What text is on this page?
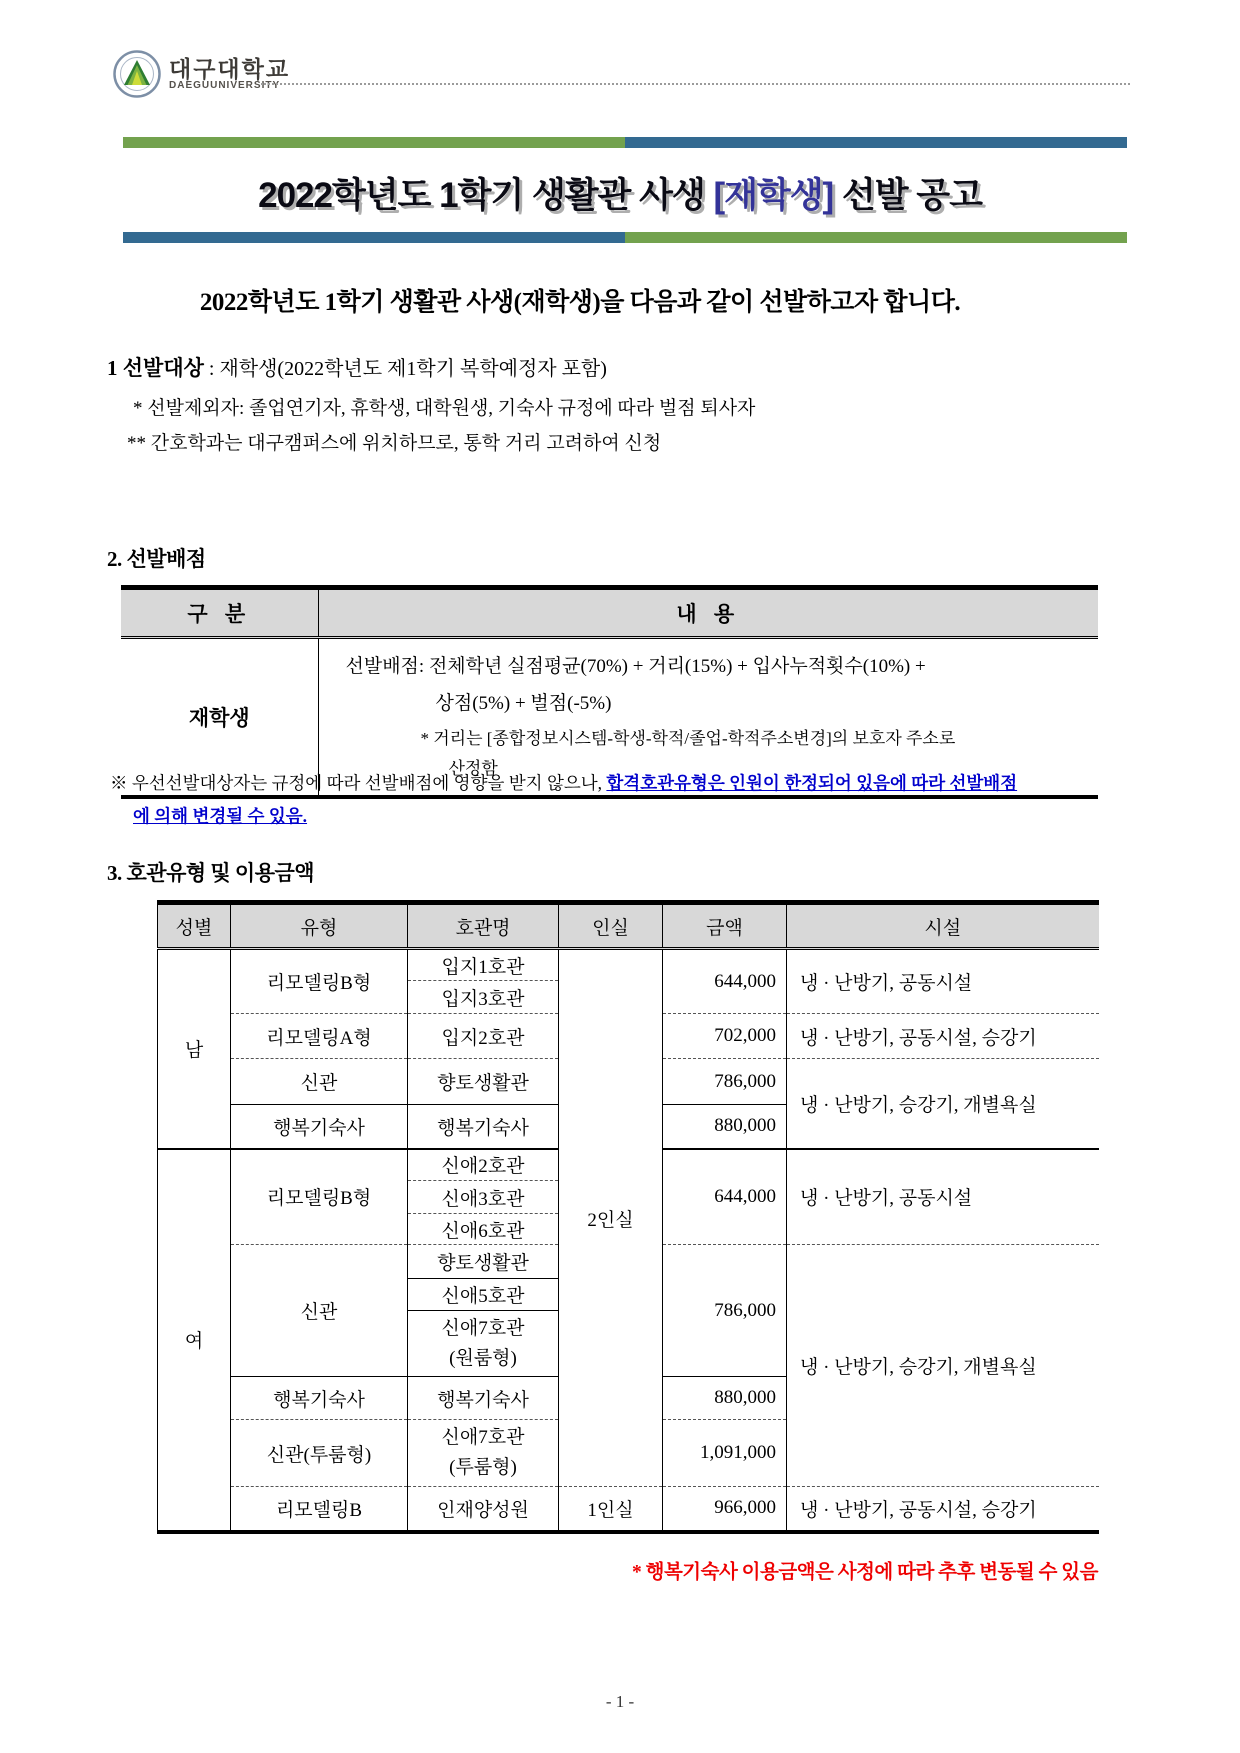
대구대학교
DAEGUUNIVERSITY
2022학년도 1학기 생활관 사생 [재학생] 선발 공고

2022학년도 1학기 생활관 사생(재학생)을 다음과 같이 선발하고자 합니다.

1 선발대상 : 재학생(2022학년도 제1학기 복학예정자 포함)

* 선발제외자: 졸업연기자, 휴학생, 대학원생, 기숙사 규정에 따라 벌점 퇴사자

** 간호학과는 대구캠퍼스에 위치하므로, 통학 거리 고려하여 신청

2. 선발배점

구 분	내 용
재학생	선발배점: 전체학년 실점평균(70%) + 거리(15%) + 입사누적횟수(10%) +
상점(5%) + 벌점(-5%)
* 거리는 [종합정보시스템-학생-학적/졸업-학적주소변경]의 보호자 주소로
산정함
※ 우선선발대상자는 규정에 따라 선발배점에 영향을 받지 않으나, 합격호관유형은 인원이 한정되어 있음에 따라 선발배점
에 의해 변경될 수 있음.

3. 호관유형 및 이용금액

성별	유형	호관명	인실	금액	시설
남	리모델링B형	입지1호관	2인실	644,000	냉 · 난방기, 공동시설
		입지3호관			
	리모델링A형	입지2호관		702,000	냉 · 난방기, 공동시설, 승강기
	신관	향토생활관		786,000	냉 · 난방기, 승강기, 개별욕실
	행복기숙사	행복기숙사		880,000	
여	리모델링B형	신애2호관		644,000	냉 · 난방기, 공동시설
		신애3호관			
		신애6호관			
	신관	향토생활관		786,000	냉 · 난방기, 승강기, 개별욕실
		신애5호관			

		신애7호관
(원룸형)			

	행복기숙사	행복기숙사		880,000	
	신관(투룸형)	신애7호관
(투룸형)		1,091,000	
	리모델링B	인재양성원	1인실	966,000	냉 · 난방기, 공동시설, 승강기

* 행복기숙사 이용금액은 사정에 따라 추후 변동될 수 있음

- 1 -
